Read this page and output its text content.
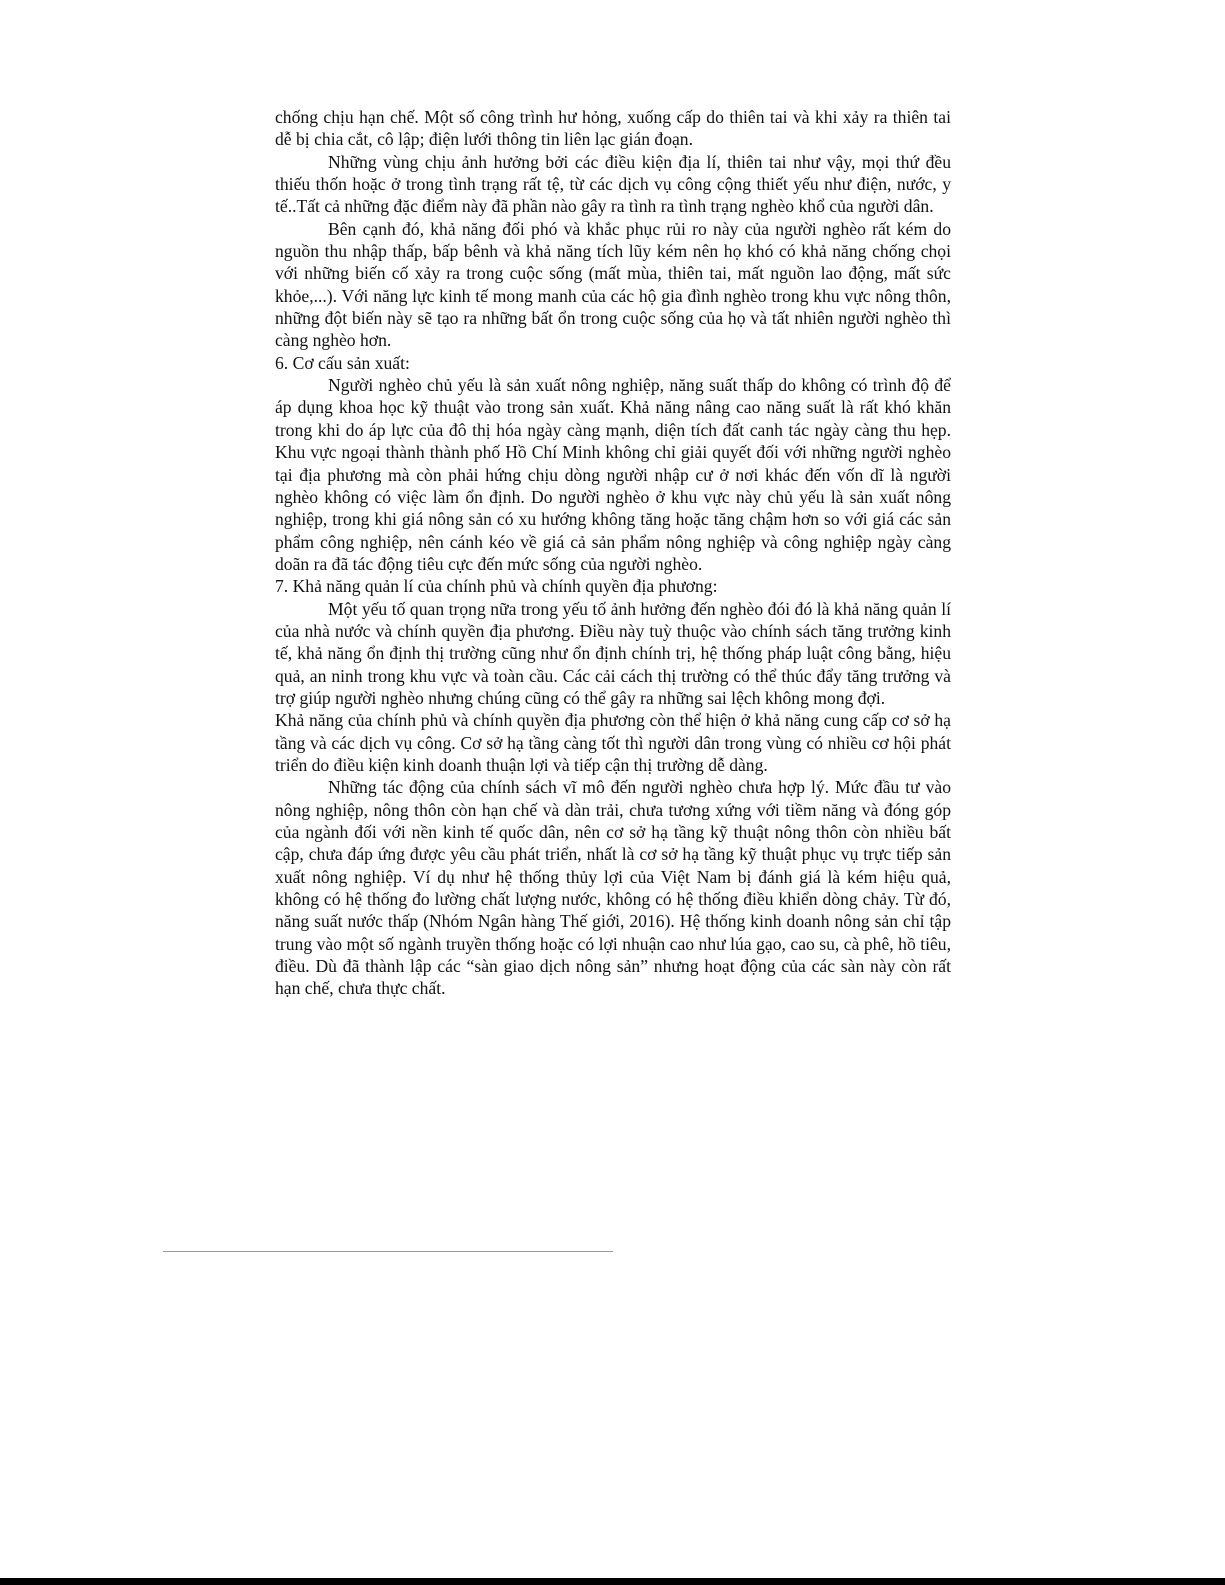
chống chịu hạn chế. Một số công trình hư hỏng, xuống cấp do thiên tai và khi xảy ra thiên tai dễ bị chia cắt, cô lập; điện lưới thông tin liên lạc gián đoạn.

Những vùng chịu ảnh hưởng bởi các điều kiện địa lí, thiên tai như vậy, mọi thứ đều thiếu thốn hoặc ở trong tình trạng rất tệ, từ các dịch vụ công cộng thiết yếu như điện, nước, y tế..Tất cả những đặc điểm này đã phần nào gây ra tình ra tình trạng nghèo khổ của người dân.

Bên cạnh đó, khả năng đối phó và khắc phục rủi ro này của người nghèo rất kém do nguồn thu nhập thấp, bấp bênh và khả năng tích lũy kém nên họ khó có khả năng chống chọi với những biến cố xảy ra trong cuộc sống (mất mùa, thiên tai, mất nguồn lao động, mất sức khỏe,...). Với năng lực kinh tế mong manh của các hộ gia đình nghèo trong khu vực nông thôn, những đột biến này sẽ tạo ra những bất ổn trong cuộc sống của họ và tất nhiên người nghèo thì càng nghèo hơn.

6. Cơ cấu sản xuất:

Người nghèo chủ yếu là sản xuất nông nghiệp, năng suất thấp do không có trình độ để áp dụng khoa học kỹ thuật vào trong sản xuất. Khả năng nâng cao năng suất là rất khó khăn trong khi do áp lực của đô thị hóa ngày càng mạnh, diện tích đất canh tác ngày càng thu hẹp. Khu vực ngoại thành thành phố Hồ Chí Minh không chỉ giải quyết đối với những người nghèo tại địa phương mà còn phải hứng chịu dòng người nhập cư ở nơi khác đến vốn dĩ là người nghèo không có việc làm ổn định. Do người nghèo ở khu vực này chủ yếu là sản xuất nông nghiệp, trong khi giá nông sản có xu hướng không tăng hoặc tăng chậm hơn so với giá các sản phẩm công nghiệp, nên cánh kéo về giá cả sản phẩm nông nghiệp và công nghiệp ngày càng doãn ra đã tác động tiêu cực đến mức sống của người nghèo.

7. Khả năng quản lí của chính phủ và chính quyền địa phương:

Một yếu tố quan trọng nữa trong yếu tố ảnh hưởng đến nghèo đói đó là khả năng quản lí của nhà nước và chính quyền địa phương. Điều này tuỳ thuộc vào chính sách tăng trưởng kinh tế, khả năng ổn định thị trường cũng như ổn định chính trị, hệ thống pháp luật công bằng, hiệu quả, an ninh trong khu vực và toàn cầu. Các cải cách thị trường có thể thúc đẩy tăng trưởng và trợ giúp người nghèo nhưng chúng cũng có thể gây ra những sai lệch không mong đợi.

Khả năng của chính phủ và chính quyền địa phương còn thể hiện ở khả năng cung cấp cơ sở hạ tầng và các dịch vụ công. Cơ sở hạ tầng càng tốt thì người dân trong vùng có nhiều cơ hội phát triển do điều kiện kinh doanh thuận lợi và tiếp cận thị trường dễ dàng.

Những tác động của chính sách vĩ mô đến người nghèo chưa hợp lý. Mức đầu tư vào nông nghiệp, nông thôn còn hạn chế và dàn trải, chưa tương xứng với tiềm năng và đóng góp của ngành đối với nền kinh tế quốc dân, nên cơ sở hạ tầng kỹ thuật nông thôn còn nhiều bất cập, chưa đáp ứng được yêu cầu phát triển, nhất là cơ sở hạ tầng kỹ thuật phục vụ trực tiếp sản xuất nông nghiệp. Ví dụ như hệ thống thủy lợi của Việt Nam bị đánh giá là kém hiệu quả, không có hệ thống đo lường chất lượng nước, không có hệ thống điều khiển dòng chảy. Từ đó, năng suất nước thấp (Nhóm Ngân hàng Thế giới, 2016). Hệ thống kinh doanh nông sản chỉ tập trung vào một số ngành truyền thống hoặc có lợi nhuận cao như lúa gạo, cao su, cà phê, hồ tiêu, điều. Dù đã thành lập các “sàn giao dịch nông sản” nhưng hoạt động của các sàn này còn rất hạn chế, chưa thực chất.
